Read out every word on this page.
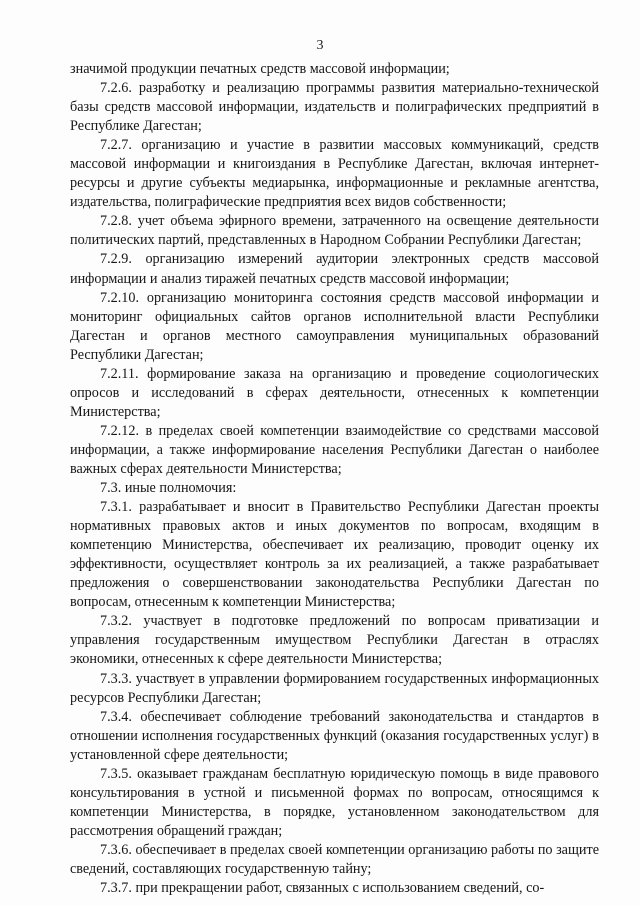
3

значимой продукции печатных средств массовой информации;

7.2.6. разработку и реализацию программы развития материально-технической базы средств массовой информации, издательств и полиграфических предприятий в Республике Дагестан;

7.2.7. организацию и участие в развитии массовых коммуникаций, средств массовой информации и книгоиздания в Республике Дагестан, включая интернет-ресурсы и другие субъекты медиарынка, информационные и рекламные агентства, издательства, полиграфические предприятия всех видов собственности;

7.2.8. учет объема эфирного времени, затраченного на освещение деятельности политических партий, представленных в Народном Собрании Республики Дагестан;

7.2.9. организацию измерений аудитории электронных средств массовой информации и анализ тиражей печатных средств массовой информации;

7.2.10. организацию мониторинга состояния средств массовой информации и мониторинг официальных сайтов органов исполнительной власти Республики Дагестан и органов местного самоуправления муниципальных образований Республики Дагестан;

7.2.11. формирование заказа на организацию и проведение социологических опросов и исследований в сферах деятельности, отнесенных к компетенции Министерства;

7.2.12. в пределах своей компетенции взаимодействие со средствами массовой информации, а также информирование населения Республики Дагестан о наиболее важных сферах деятельности Министерства;

7.3. иные полномочия:

7.3.1. разрабатывает и вносит в Правительство Республики Дагестан проекты нормативных правовых актов и иных документов по вопросам, входящим в компетенцию Министерства, обеспечивает их реализацию, проводит оценку их эффективности, осуществляет контроль за их реализацией, а также разрабатывает предложения о совершенствовании законодательства Республики Дагестан по вопросам, отнесенным к компетенции Министерства;

7.3.2. участвует в подготовке предложений по вопросам приватизации и управления государственным имуществом Республики Дагестан в отраслях экономики, отнесенных к сфере деятельности Министерства;

7.3.3. участвует в управлении формированием государственных информационных ресурсов Республики Дагестан;

7.3.4. обеспечивает соблюдение требований законодательства и стандартов в отношении исполнения государственных функций (оказания государственных услуг) в установленной сфере деятельности;

7.3.5. оказывает гражданам бесплатную юридическую помощь в виде правового консультирования в устной и письменной формах по вопросам, относящимся к компетенции Министерства, в порядке, установленном законодательством для рассмотрения обращений граждан;

7.3.6. обеспечивает в пределах своей компетенции организацию работы по защите сведений, составляющих государственную тайну;

7.3.7. при прекращении работ, связанных с использованием сведений, со-
